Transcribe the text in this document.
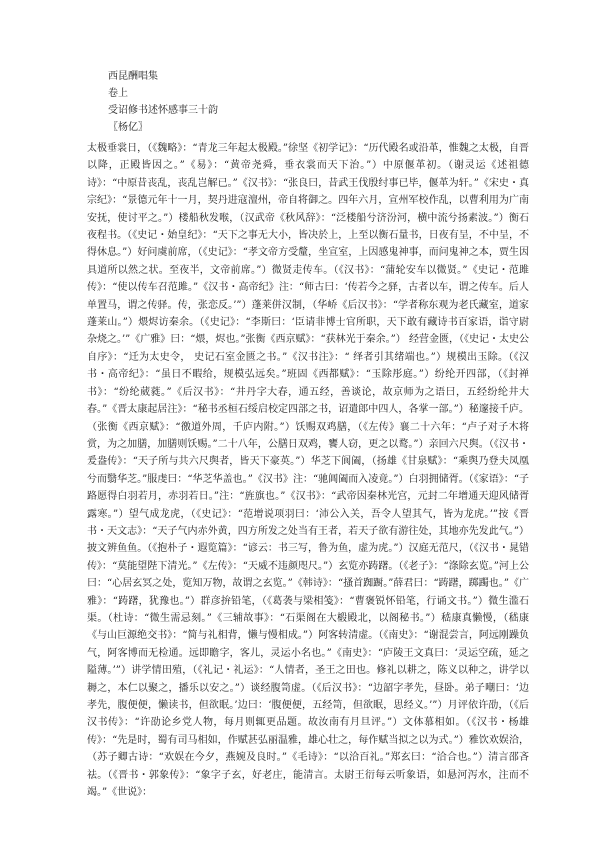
西昆酬唱集
卷上
受诏修书述怀感事三十韵
〖杨亿〗
太极垂裳日，（《魏略》：“青龙三年起太极殿。”徐坚《初学记》：“历代殿名或沿革，惟魏之太极，自晋以降，正殿皆因之。”《易》：“黄帝尧舜，垂衣裳而天下治。”）中原偃革初。（谢灵运《述祖德诗》：“中原昔丧乱，丧乱岂解已。”《汉书》：“张良曰，昔武王伐殷纣事已毕，偃革为轩。”《宋史・真宗纪》：“景德元年十一月，契丹进寇澶州，帝自将御之。四年六月，宣州军校作乱，以曹利用为广南安抚，使讨平之。”）楼船秋发喉，（汉武帝《秋风辞》：“泛楼船兮济汾河，横中流兮扬素波。”）衡石夜程书。（《史记・始皇纪》：“天下之事无大小，皆决於上，上至以衡石量书，日夜有呈，不中呈，不得休息。”）好问虞前席，（《史记》：“孝文帝方受釐，坐宣室，上因感鬼神事，而问鬼神之本，贾生因具道所以然之状。至夜半，文帝前席。”）微贤走传车。（《汉书》：“蒲轮安车以微贤。”《史记・范雎传》：“使以传车召范雎。”《汉书・高帝纪》注：“师古曰：‘传若今之驿，古者以车，谓之传车。后人单置马，谓之传驿。传，张恋反。’”）蓬莱併汉制，（华峤《后汉书》：“学者称东观为老氏藏室，道家蓬莱山。”）煨烬访秦余。（《史记》：“李斯曰：‘臣请非博士官所职，天下敢有藏诗书百家语，诣守尉杂烧之。’”《广雅》曰：“煨，烬也。”张衡《西京赋》：“获林光于秦余。”） 经营金匮，（《史记・太史公自序》：“迁为太史令， 史记石室金匮之书。”《汉书注》：“ 绎者引其绪端也。”）规模出玉除。（《汉书・高帝纪》：“虽日不暇给，规模弘远矣。”班固《西都赋》：“玉除彤庭。”）纷纶开四部，（《封禅书》：“纷纶葳蕤。”《后汉书》：“井丹字大春，通五经，善谈论，故京师为之语曰，五经纷纶井大春。”《晋太康起居注》：“秘书丞桓石绥启校定四部之书，诏遣郎中四人，各掌一部。”）秘邃接千庐。（张衡《西京赋》：“徼道外周，千庐内附。”）饫赐双鸡膳，（《左传》襄二十六年：“卢子对子木将赏，为之加膳，加膳则饫赐。”二十八年，公膳日双鸡，饔人窃，更之以鹜。”）亲回六尺舆。（《汉书・爰盎传》：“天子所与共六尺舆者，皆天下豪英。”）华芝下阆阖，（扬雄《甘泉赋》：“乘舆乃登夫凤凰兮而翳华芝。”服虔曰：“华芝华盖也。”《汉书》注：“驰阊阖而入凌竟。”）白羽拥储胥。（《家语》：“子路愿得白羽若月，赤羽若日。”注：“旌旗也。”《汉书》：“武帝因秦林光宫，元封二年增通天迎风储胥露寒。”）望气成龙虎，（《史记》：“范增说项羽曰：‘沛公入关，吾令人望其气，皆为龙虎。’”按《晋书・天文志》：“天子气内赤外黄，四方所发之处当有王者，若天子欲有游往处，其地亦先发此气。”）披文辨鱼鱼。（《抱朴子・遐览篇》：“谚云：书三写，鲁为鱼，虚为虎。”）汉庭无范尺，（《汉书・晁错传》：“莫能望陛下清光。”《左传》：“天威不违颜咫尺。”）玄览亦踌躇。（《老子》：“涤除玄览。”河上公曰：“心居玄冥之处，览知万物，故谓之玄览。”《韩诗》：“搔首踟蹰。”薛君曰：“踌躇，踯躅也。”《广雅》：“踌躇，犹豫也。”）群彦拚铅笔，（《葛袭与梁相笺》：“曹褒锐怀铅笔，行诵文书。”）微生滥石渠。（杜诗：“微生需忌刻。”《三辅故事》：“石渠阁在大椴殿北，以阁秘书。”）嵇康真懒慢，（嵇康《与山巨源绝交书》：“简与礼相背，懒与慢相成。”）阿客转清虚。（《南史》：“谢混尝言，阿远刚躁负气，阿客博而无检通。远即瞻字，客儿，灵运小名也。”《南史》：“庐陵王文真曰：‘灵运空疏，延之隘薄。’”）讲学情田殖，（《礼记・礼运》：“人情者，圣王之田也。修礼以耕之，陈义以种之，讲学以耨之，本仁以聚之，播乐以安之。”）谈经腹笥虚。（《后汉书》：“边韶字孝先，昼卧。弟子嘲曰：‘边孝先，腹便便，懒读书，但欲眠。’边曰：‘腹便便，五经笥，但欲眠，思经义。’”）月评依许劭，（《后汉书传》：“许劭论乡党人物，每月则辄更品题。故汝南有月旦评。”）文体慕相如。（《汉书・杨雄传》：“先是时，蜀有司马相如，作赋甚弘丽温雅，雄心壮之，每作赋当拟之以为式。”）雅饮欢娱洽，（苏子卿古诗：“欢娱在今夕，燕婉及良时。”《毛诗》：“以洽百礼。”郑玄曰：“洽合也。”）清言邵吝祛。（《晋书・郭象传》：“象字子玄，好老庄，能清言。太尉王衍每云听象语，如悬河泻水，注而不竭。”《世说》：
